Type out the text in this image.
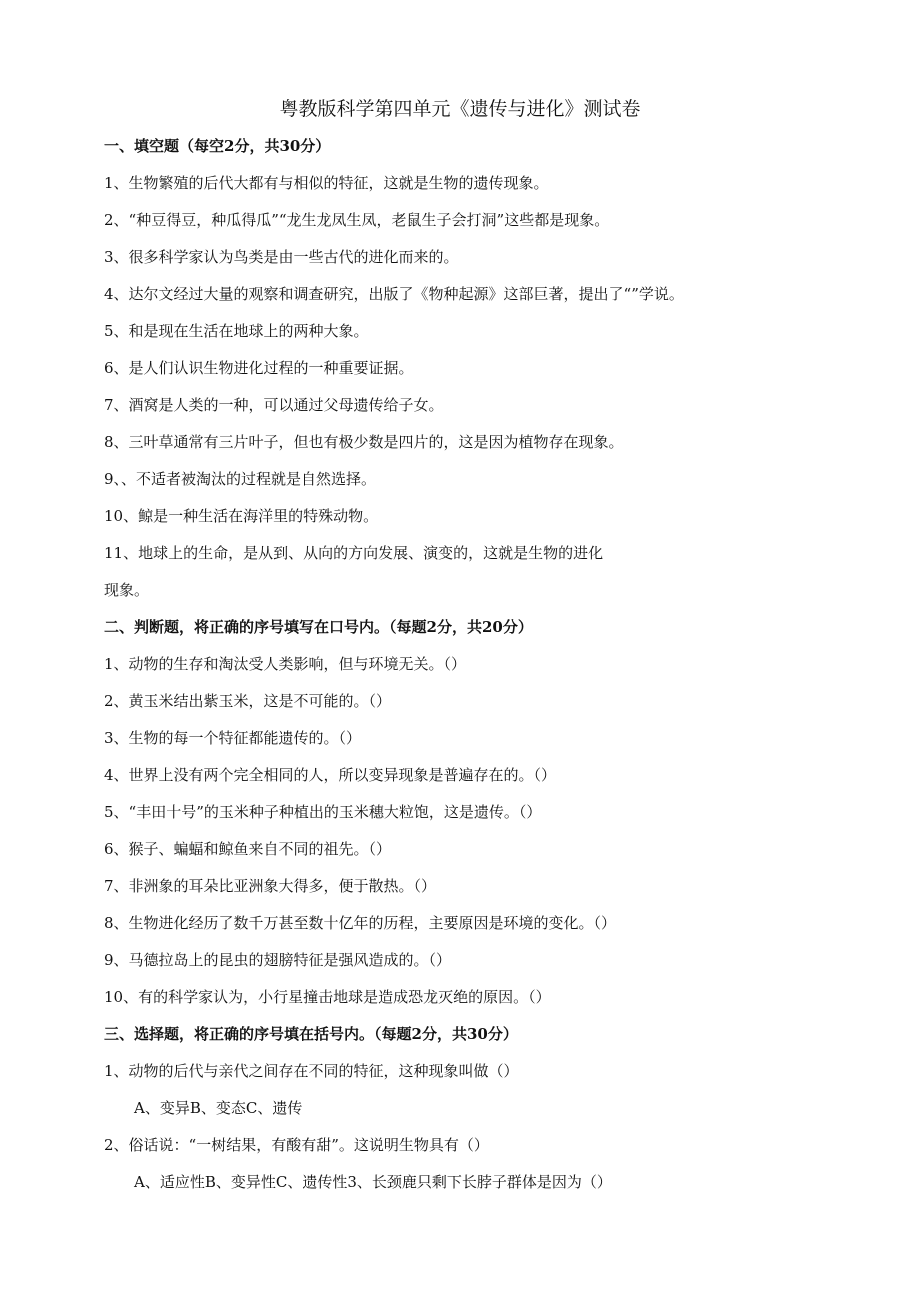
粤教版科学第四单元《遗传与进化》测试卷
一、填空题（每空2分，共30分）
1、生物繁殖的后代大都有与相似的特征，这就是生物的遗传现象。
2、“种豆得豆，种瓜得瓜”“龙生龙凤生凤，老鼠生子会打洞”这些都是现象。
3、很多科学家认为鸟类是由一些古代的进化而来的。
4、达尔文经过大量的观察和调查研究，出版了《物种起源》这部巨著，提出了“”学说。
5、和是现在生活在地球上的两种大象。
6、是人们认识生物进化过程的一种重要证据。
7、酒窝是人类的一种，可以通过父母遗传给子女。
8、三叶草通常有三片叶子，但也有极少数是四片的，这是因为植物存在现象。
9、、不适者被淘汰的过程就是自然选择。
10、鲸是一种生活在海洋里的特殊动物。
11、地球上的生命，是从到、从向的方向发展、演变的，这就是生物的进化
现象。
二、判断题，将正确的序号填写在口号内。（每题2分，共20分）
1、动物的生存和淘汰受人类影响，但与环境无关。（）
2、黄玉米结出紫玉米，这是不可能的。（）
3、生物的每一个特征都能遗传的。（）
4、世界上没有两个完全相同的人，所以变异现象是普遍存在的。（）
5、“丰田十号”的玉米种子种植出的玉米穗大粒饱，这是遗传。（）
6、猴子、蝙蝠和鲸鱼来自不同的祖先。（）
7、非洲象的耳朵比亚洲象大得多，便于散热。（）
8、生物进化经历了数千万甚至数十亿年的历程，主要原因是环境的变化。（）
9、马德拉岛上的昆虫的翅膀特征是强风造成的。（）
10、有的科学家认为，小行星撞击地球是造成恐龙灭绝的原因。（）
三、选择题，将正确的序号填在括号内。（每题2分，共30分）
1、动物的后代与亲代之间存在不同的特征，这种现象叫做（）
A、变异B、变态C、遗传
2、俗话说：“一树结果，有酸有甜”。这说明生物具有（）
A、适应性B、变异性C、遗传性3、长颈鹿只剩下长脖子群体是因为（）
